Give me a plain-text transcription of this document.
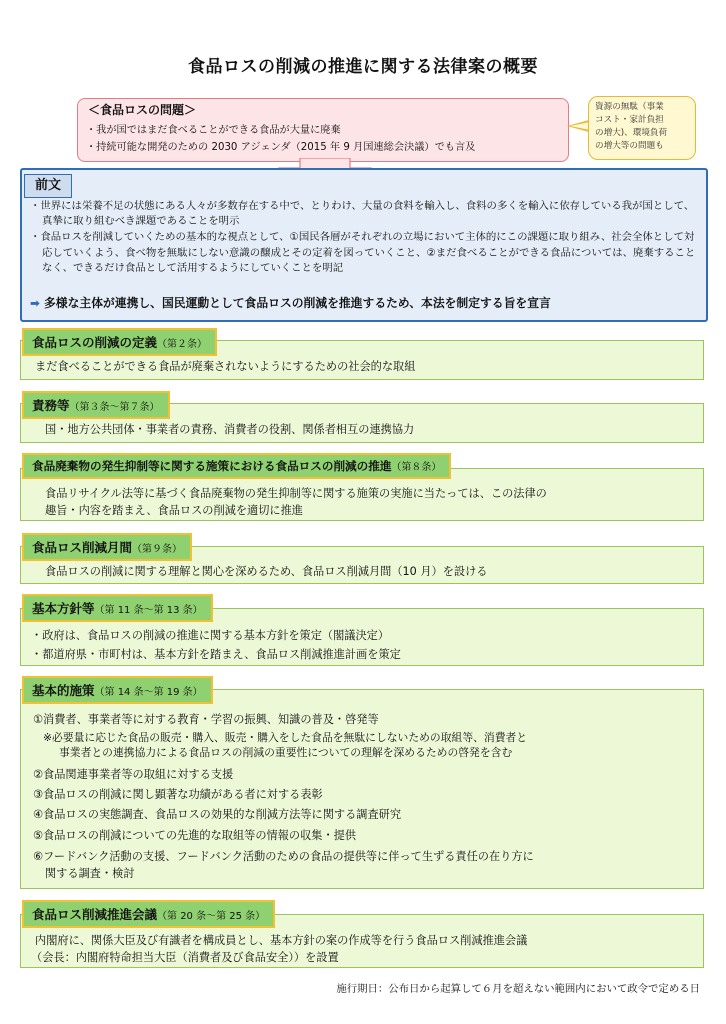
食品ロスの削減の推進に関する法律案の概要
＜食品ロスの問題＞
・我が国ではまだ食べることができる食品が大量に廃棄
・持続可能な開発のための 2030 アジェンダ（2015 年 9 月国連総会決議）でも言及
資源の無駄（事業
コスト・家計負担
の増大)、環境負荷
の増大等の問題も
前文

・世界には栄養不足の状態にある人々が多数存在する中で、とりわけ、大量の食料を輸入し、食料の多くを輸入に依存している我が国として、真摯に取り組むべき課題であることを明示

・食品ロスを削減していくための基本的な視点として、①国民各層がそれぞれの立場において主体的にこの課題に取り組み、社会全体として対応していくよう、食べ物を無駄にしない意識の醸成とその定着を図っていくこと、②まだ食べることができる食品については、廃棄することなく、できるだけ食品として活用するようにしていくことを明記

➡ 多様な主体が連携し、国民運動として食品ロスの削減を推進するため、本法を制定する旨を宣言
まだ食べることができる食品が廃棄されないようにするための社会的な取組
食品ロスの削減の定義（第２条）
国・地方公共団体・事業者の責務、消費者の役割、関係者相互の連携協力
責務等（第３条～第７条）
食品リサイクル法等に基づく食品廃棄物の発生抑制等に関する施策の実施に当たっては、この法律の
趣旨・内容を踏まえ、食品ロスの削減を適切に推進
食品廃棄物の発生抑制等に関する施策における食品ロスの削減の推進（第８条）
食品ロスの削減に関する理解と関心を深めるため、食品ロス削減月間（10 月）を設ける
食品ロス削減月間（第９条）
・政府は、食品ロスの削減の推進に関する基本方針を策定（閣議決定）
・都道府県・市町村は、基本方針を踏まえ、食品ロス削減推進計画を策定
基本方針等（第 11 条～第 13 条）
①消費者、事業者等に対する教育・学習の振興、知識の普及・啓発等
※必要量に応じた食品の販売・購入、販売・購入をした食品を無駄にしないための取組等、消費者と
事業者との連携協力による食品ロスの削減の重要性についての理解を深めるための啓発を含む
②食品関連事業者等の取組に対する支援
③食品ロスの削減に関し顕著な功績がある者に対する表彰
④食品ロスの実態調査、食品ロスの効果的な削減方法等に関する調査研究
⑤食品ロスの削減についての先進的な取組等の情報の収集・提供
⑥フードバンク活動の支援、フードバンク活動のための食品の提供等に伴って生ずる責任の在り方に
関する調査・検討
基本的施策（第 14 条～第 19 条）
内閣府に、関係大臣及び有識者を構成員とし、基本方針の案の作成等を行う食品ロス削減推進会議
（会長：内閣府特命担当大臣（消費者及び食品安全））を設置
食品ロス削減推進会議（第 20 条～第 25 条）
施行期日：公布日から起算して６月を超えない範囲内において政令で定める日
